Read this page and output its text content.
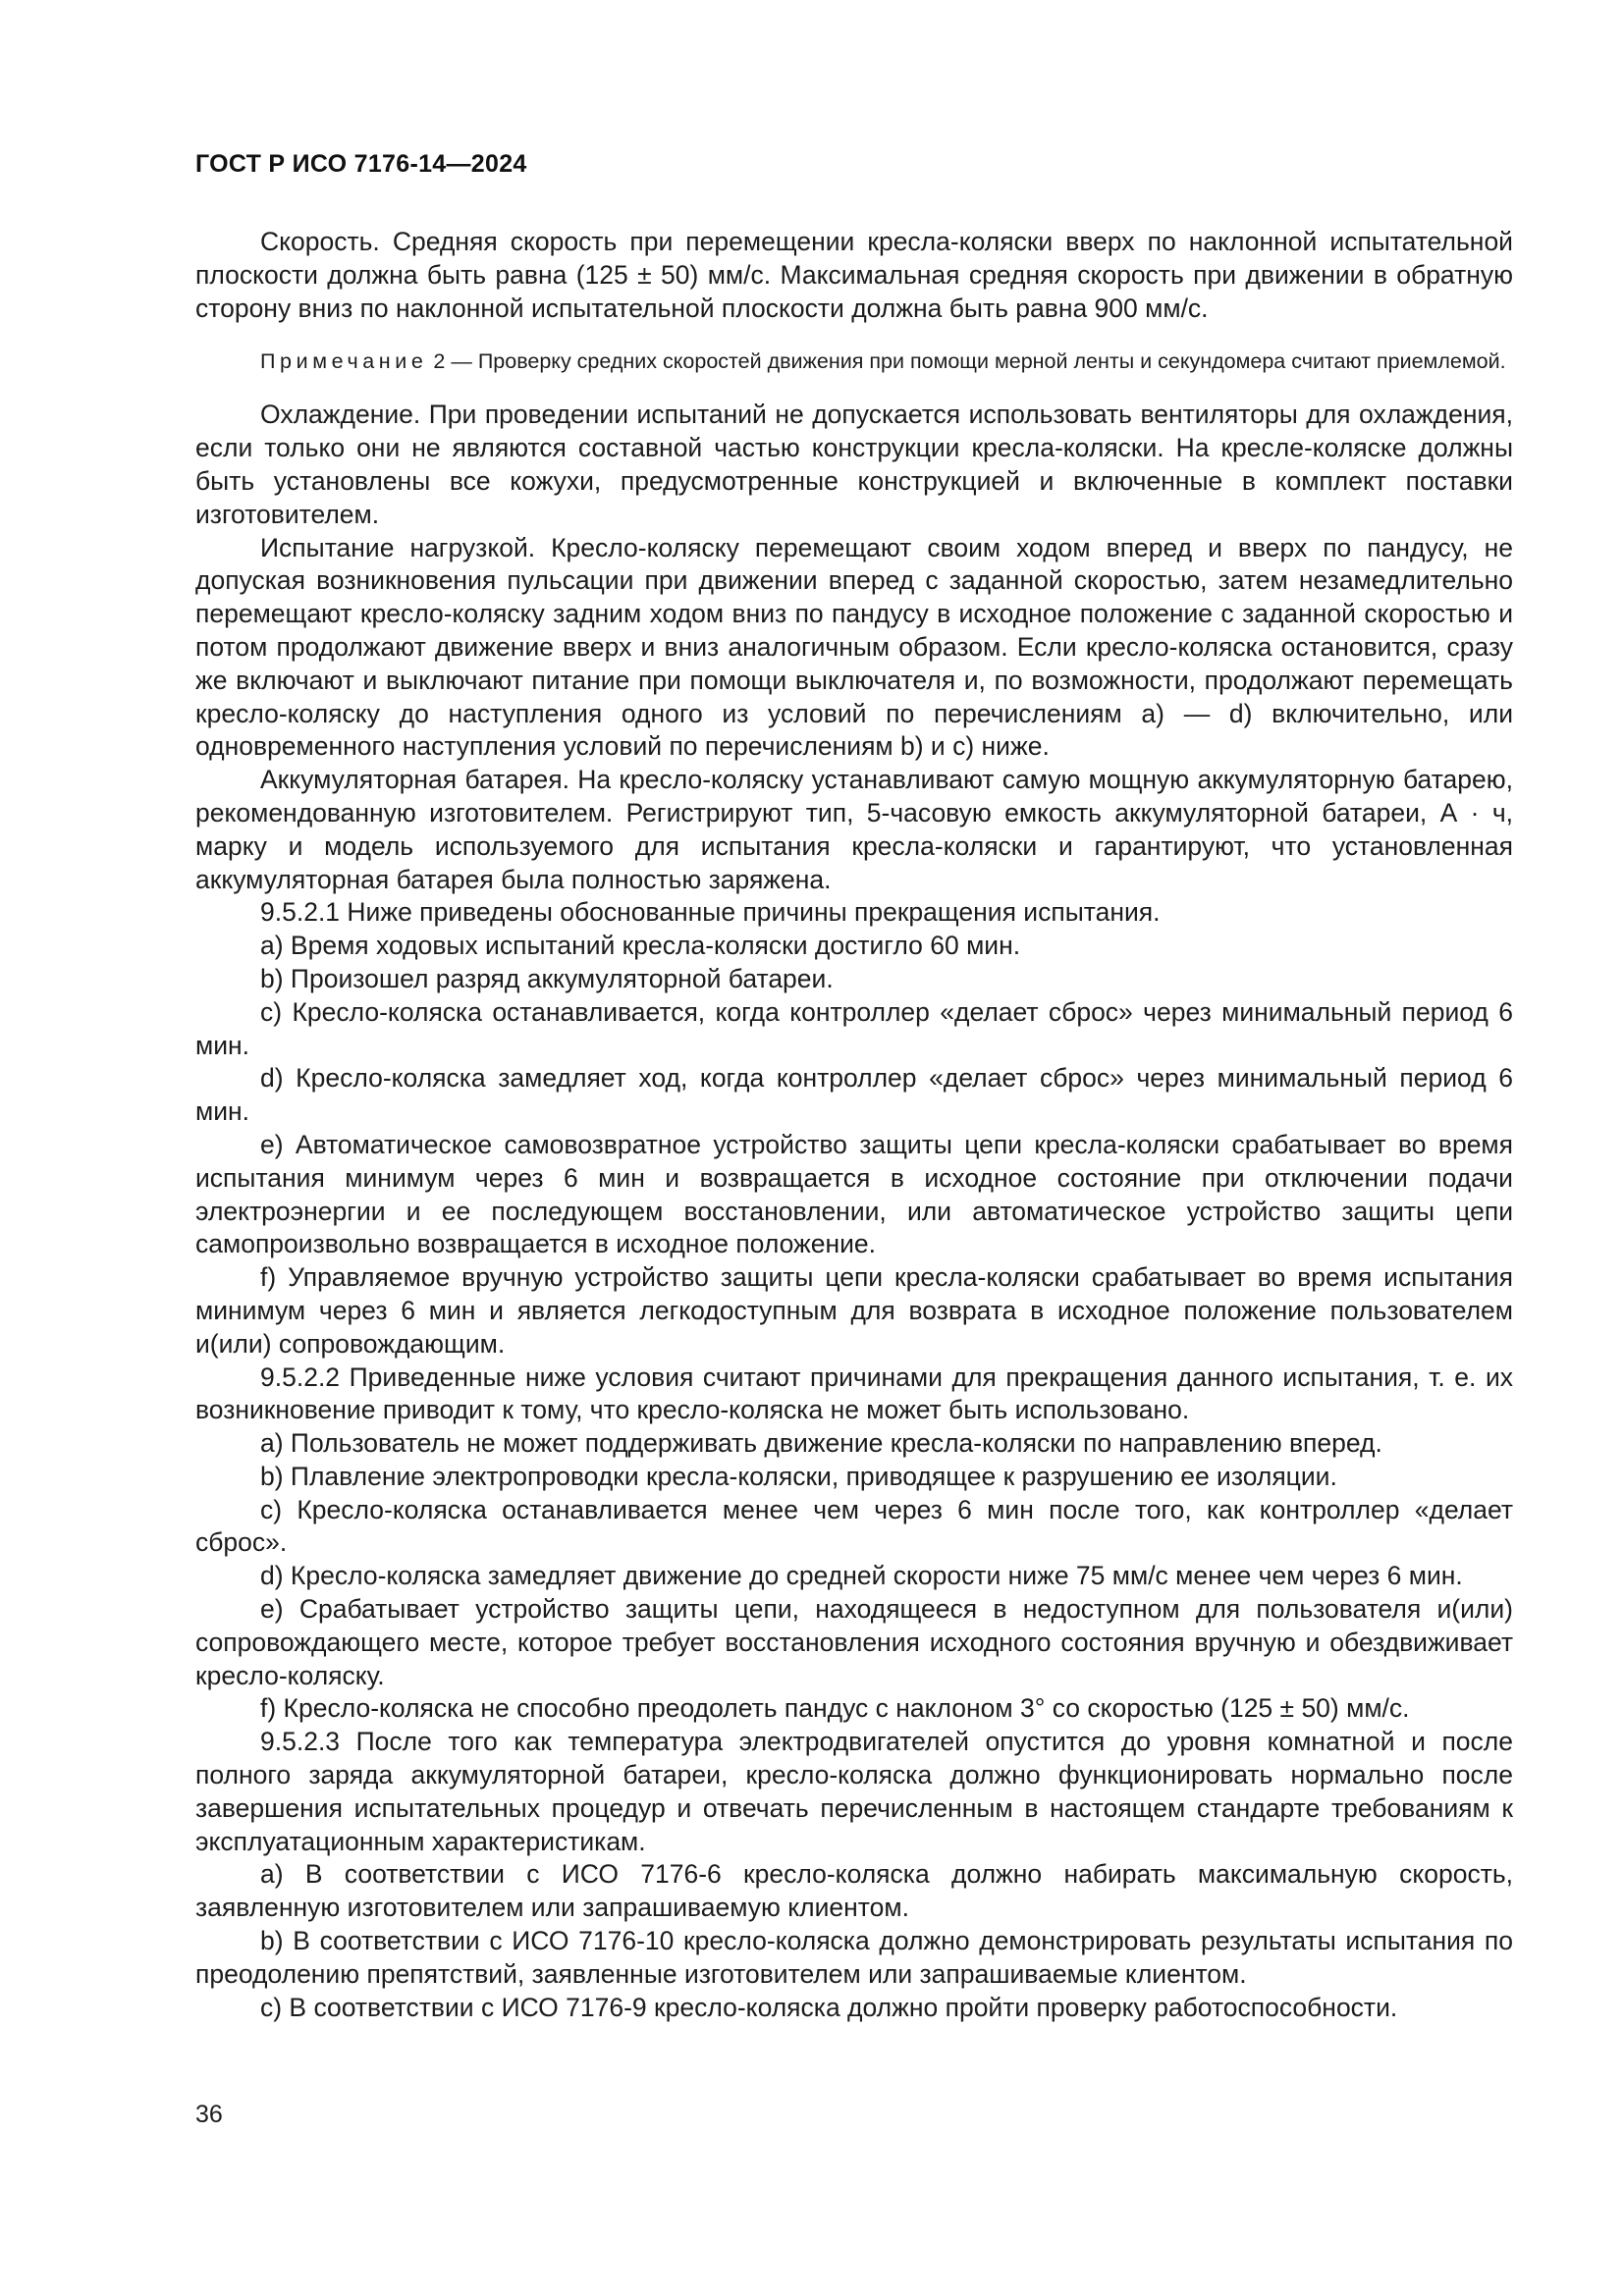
ГОСТ Р ИСО 7176-14—2024

Скорость. Средняя скорость при перемещении кресла-коляски вверх по наклонной испытательной плоскости должна быть равна (125 ± 50) мм/с. Максимальная средняя скорость при движении в обратную сторону вниз по наклонной испытательной плоскости должна быть равна 900 мм/с.

Примечание 2 — Проверку средних скоростей движения при помощи мерной ленты и секундомера считают приемлемой.

Охлаждение. При проведении испытаний не допускается использовать вентиляторы для охлаждения, если только они не являются составной частью конструкции кресла-коляски. На кресле-коляске должны быть установлены все кожухи, предусмотренные конструкцией и включенные в комплект поставки изготовителем.

Испытание нагрузкой. Кресло-коляску перемещают своим ходом вперед и вверх по пандусу, не допуская возникновения пульсации при движении вперед с заданной скоростью, затем незамедлительно перемещают кресло-коляску задним ходом вниз по пандусу в исходное положение с заданной скоростью и потом продолжают движение вверх и вниз аналогичным образом. Если кресло-коляска остановится, сразу же включают и выключают питание при помощи выключателя и, по возможности, продолжают перемещать кресло-коляску до наступления одного из условий по перечислениям а) — d) включительно, или одновременного наступления условий по перечислениям b) и с) ниже.

Аккумуляторная батарея. На кресло-коляску устанавливают самую мощную аккумуляторную батарею, рекомендованную изготовителем. Регистрируют тип, 5-часовую емкость аккумуляторной батареи, А · ч, марку и модель используемого для испытания кресла-коляски и гарантируют, что установленная аккумуляторная батарея была полностью заряжена.

9.5.2.1 Ниже приведены обоснованные причины прекращения испытания.

а) Время ходовых испытаний кресла-коляски достигло 60 мин.

b) Произошел разряд аккумуляторной батареи.

с) Кресло-коляска останавливается, когда контроллер «делает сброс» через минимальный период 6 мин.

d) Кресло-коляска замедляет ход, когда контроллер «делает сброс» через минимальный период 6 мин.

е) Автоматическое самовозвратное устройство защиты цепи кресла-коляски срабатывает во время испытания минимум через 6 мин и возвращается в исходное состояние при отключении подачи электроэнергии и ее последующем восстановлении, или автоматическое устройство защиты цепи самопроизвольно возвращается в исходное положение.

f) Управляемое вручную устройство защиты цепи кресла-коляски срабатывает во время испытания минимум через 6 мин и является легкодоступным для возврата в исходное положение пользователем и(или) сопровождающим.

9.5.2.2 Приведенные ниже условия считают причинами для прекращения данного испытания, т. е. их возникновение приводит к тому, что кресло-коляска не может быть использовано.

а) Пользователь не может поддерживать движение кресла-коляски по направлению вперед.

b) Плавление электропроводки кресла-коляски, приводящее к разрушению ее изоляции.

с) Кресло-коляска останавливается менее чем через 6 мин после того, как контроллер «делает сброс».

d) Кресло-коляска замедляет движение до средней скорости ниже 75 мм/с менее чем через 6 мин.

е) Срабатывает устройство защиты цепи, находящееся в недоступном для пользователя и(или) сопровождающего месте, которое требует восстановления исходного состояния вручную и обездвиживает кресло-коляску.

f) Кресло-коляска не способно преодолеть пандус с наклоном 3° со скоростью (125 ± 50) мм/с.

9.5.2.3 После того как температура электродвигателей опустится до уровня комнатной и после полного заряда аккумуляторной батареи, кресло-коляска должно функционировать нормально после завершения испытательных процедур и отвечать перечисленным в настоящем стандарте требованиям к эксплуатационным характеристикам.

а) В соответствии с ИСО 7176-6 кресло-коляска должно набирать максимальную скорость, заявленную изготовителем или запрашиваемую клиентом.

b) В соответствии с ИСО 7176-10 кресло-коляска должно демонстрировать результаты испытания по преодолению препятствий, заявленные изготовителем или запрашиваемые клиентом.

с) В соответствии с ИСО 7176-9 кресло-коляска должно пройти проверку работоспособности.

36
